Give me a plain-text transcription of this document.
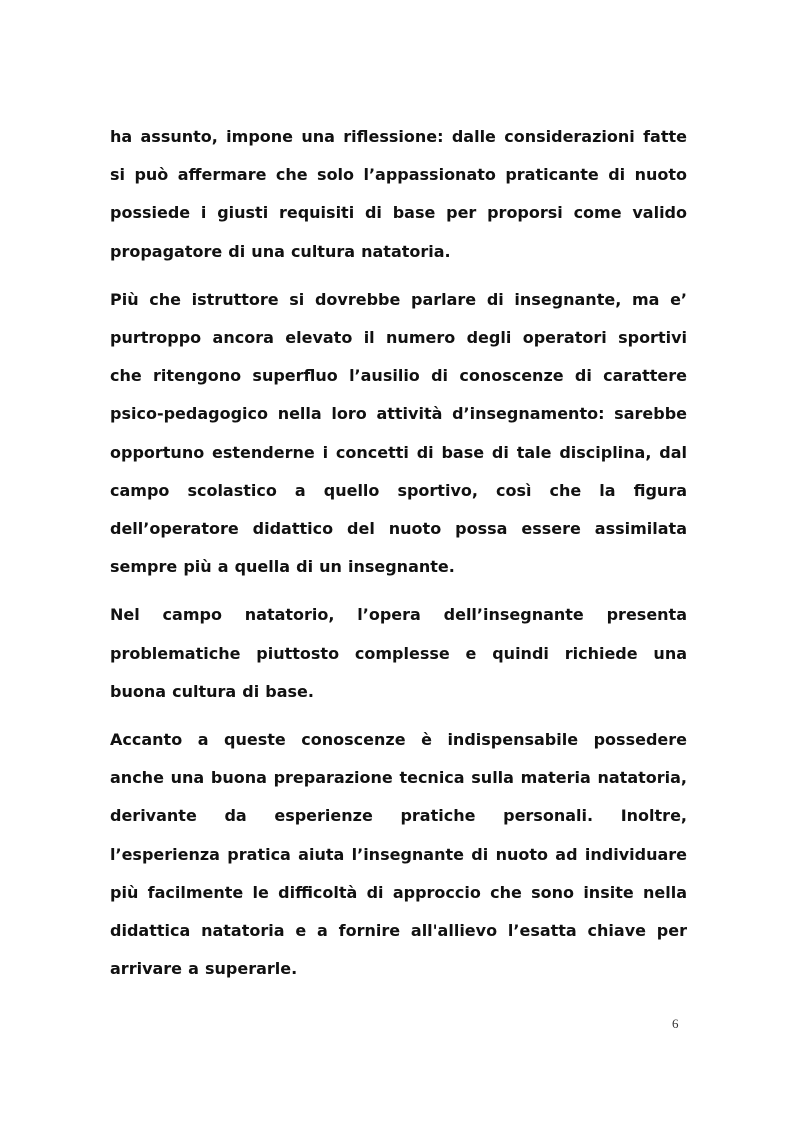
ha assunto, impone una riflessione: dalle considerazioni fatte si può affermare che solo l’appassionato praticante di nuoto possiede i giusti requisiti di base per proporsi come valido propagatore di una cultura natatoria.

Più che istruttore si dovrebbe parlare di insegnante, ma e’ purtroppo ancora elevato il numero degli operatori sportivi che ritengono superfluo l’ausilio di conoscenze di carattere psico-pedagogico nella loro attività d’insegnamento: sarebbe opportuno estenderne i concetti di base di tale disciplina, dal campo scolastico a quello sportivo, così che la figura dell’operatore didattico del nuoto possa essere assimilata sempre più a quella di un insegnante.

Nel campo natatorio, l’opera dell’insegnante presenta problematiche piuttosto complesse e quindi richiede una buona cultura di base.

Accanto a queste conoscenze è indispensabile possedere anche una buona preparazione tecnica sulla materia natatoria, derivante da esperienze pratiche personali. Inoltre, l’esperienza pratica aiuta l’insegnante di nuoto ad individuare più facilmente le difficoltà di approccio che sono insite nella didattica natatoria e a fornire all'allievo l’esatta chiave per arrivare a superarle.

6
